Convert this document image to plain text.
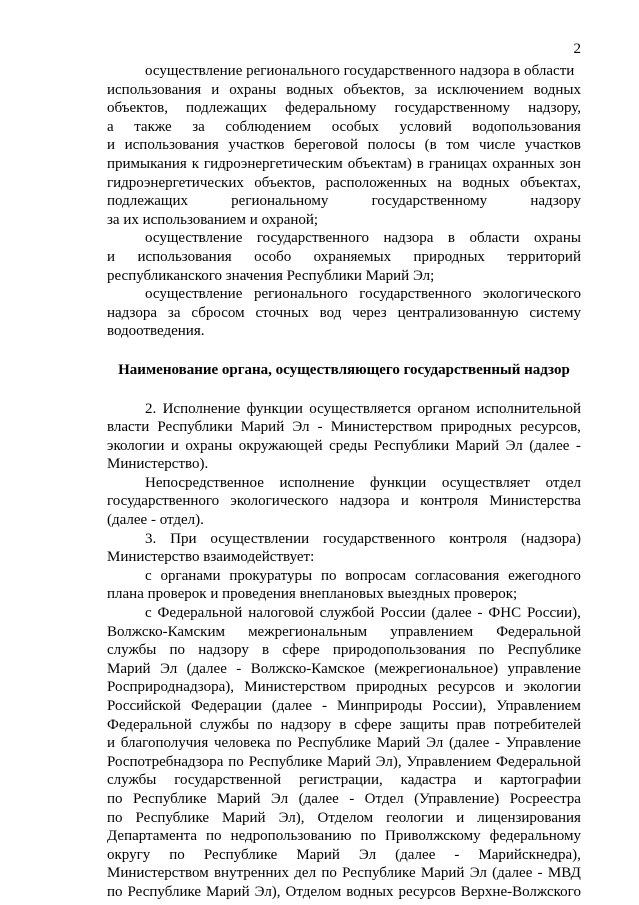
2
осуществление регионального государственного надзора в области
использования и охраны водных объектов, за исключением водных
объектов, подлежащих федеральному государственному надзору,
а также за соблюдением особых условий водопользования
и использования участков береговой полосы (в том числе участков
примыкания к гидроэнергетическим объектам) в границах охранных зон
гидроэнергетических объектов, расположенных на водных объектах,
подлежащих	региональному	государственному	надзору
за их использованием и охраной;
осуществление государственного надзора в области охраны
и использования особо охраняемых природных территорий
республиканского значения Республики Марий Эл;
осуществление регионального государственного экологического
надзора за сбросом сточных вод через централизованную систему
водоотведения.
Наименование органа, осуществляющего государственный надзор
2. Исполнение функции осуществляется органом исполнительной
власти Республики Марий Эл - Министерством природных ресурсов,
экологии и охраны окружающей среды Республики Марий Эл (далее -
Министерство).
Непосредственное исполнение функции осуществляет отдел
государственного экологического надзора и контроля Министерства
(далее - отдел).
3. При осуществлении государственного контроля (надзора)
Министерство взаимодействует:
с органами прокуратуры по вопросам согласования ежегодного
плана проверок и проведения внеплановых выездных проверок;
с Федеральной налоговой службой России (далее - ФНС России),
Волжско-Камским межрегиональным управлением Федеральной
службы по надзору в сфере природопользования по Республике
Марий Эл (далее - Волжско-Камское (межрегиональное) управление
Росприроднадзора), Министерством природных ресурсов и экологии
Российской Федерации (далее - Минприроды России), Управлением
Федеральной службы по надзору в сфере защиты прав потребителей
и благополучия человека по Республике Марий Эл (далее - Управление
Роспотребнадзора по Республике Марий Эл), Управлением Федеральной
службы государственной регистрации, кадастра и картографии
по Республике Марий Эл (далее - Отдел (Управление) Росреестра
по Республике Марий Эл), Отделом геологии и лицензирования
Департамента по недропользованию по Приволжскому федеральному
округу по Республике Марий Эл (далее - Марийскнедра),
Министерством внутренних дел по Республике Марий Эл (далее - МВД
по Республике Марий Эл), Отделом водных ресурсов Верхне-Волжского
